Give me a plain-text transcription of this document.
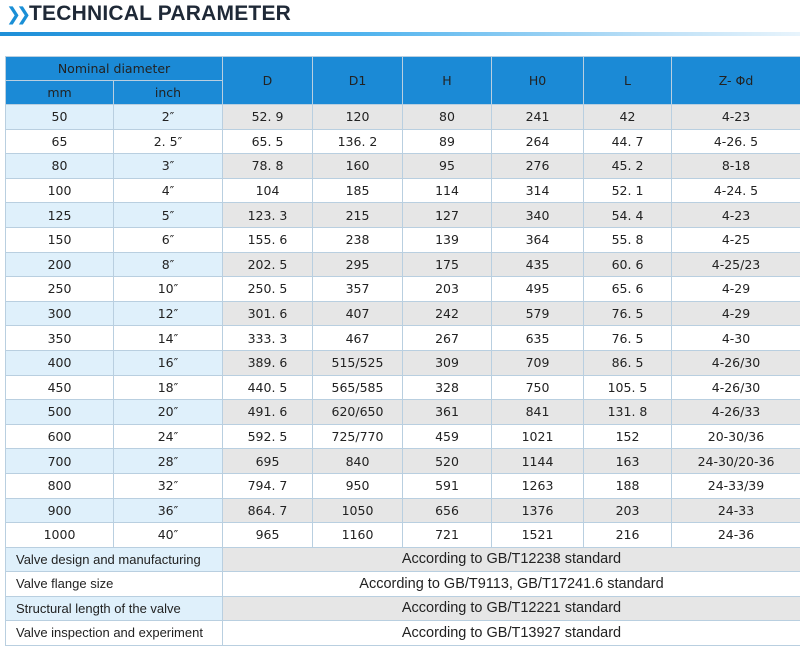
❯❯ TECHNICAL PARAMETER
Nominal diameter		D	D1	H	H0	L	Z- Φd
mm	inch						
50	2″	52. 9	120	80	241	42	4-23
65	2. 5″	65. 5	136. 2	89	264	44. 7	4-26. 5
80	3″	78. 8	160	95	276	45. 2	8-18
100	4″	104	185	114	314	52. 1	4-24. 5
125	5″	123. 3	215	127	340	54. 4	4-23
150	6″	155. 6	238	139	364	55. 8	4-25
200	8″	202. 5	295	175	435	60. 6	4-25/23
250	10″	250. 5	357	203	495	65. 6	4-29
300	12″	301. 6	407	242	579	76. 5	4-29
350	14″	333. 3	467	267	635	76. 5	4-30
400	16″	389. 6	515/525	309	709	86. 5	4-26/30
450	18″	440. 5	565/585	328	750	105. 5	4-26/30
500	20″	491. 6	620/650	361	841	131. 8	4-26/33
600	24″	592. 5	725/770	459	1021	152	20-30/36
700	28″	695	840	520	1144	163	24-30/20-36
800	32″	794. 7	950	591	1263	188	24-33/39
900	36″	864. 7	1050	656	1376	203	24-33
1000	40″	965	1160	721	1521	216	24-36
Valve design and manufacturing		According to GB/T12238 standard					
Valve flange size		According to GB/T9113, GB/T17241.6 standard					
Structural length of the valve		According to GB/T12221 standard					
Valve inspection and experiment		According to GB/T13927 standard					
